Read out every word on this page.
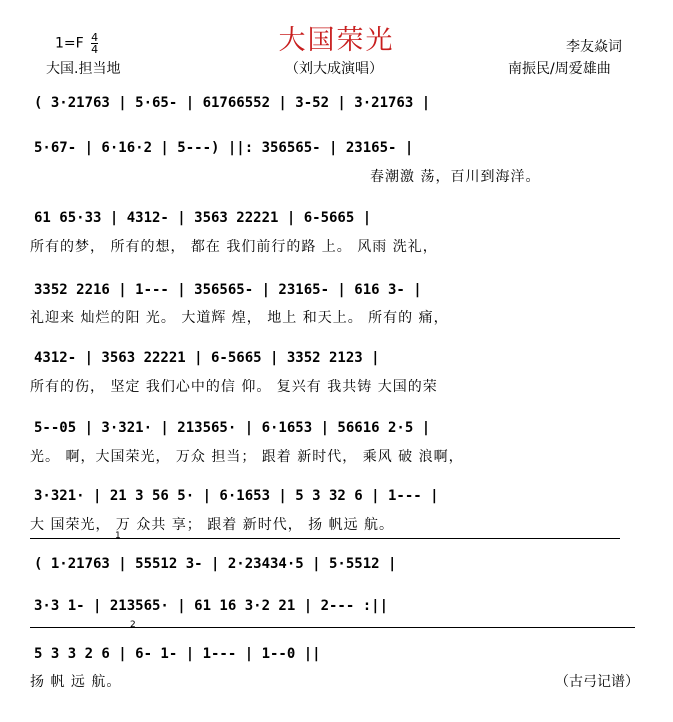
大国荣光
$1=F \frac{4}{4}$
大国.担当地	（刘大成演唱）
李友焱词
南振民/周爱雄曲
( 3·21763 | 5·65- | 61766552 | 3-52 | 3·21763 |
5·67- | 6·16·2 | 5---) ||: 356565- | 23165- |
春潮激 荡，百川到海洋。
61 65·33 | 4312- | 3563 22221 | 6-5665 |
所有的梦， 所有的想， 都在 我们前行的路 上。 风雨 洗礼，
3352 2216 | 1--- | 356565- | 23165- | 616 3- |
礼迎来 灿烂的阳 光。 大道辉 煌， 地上 和天上。 所有的 痛，
4312- | 3563 22221 | 6-5665 | 3352 2123 |
所有的伤， 坚定 我们心中的信 仰。 复兴有 我共铸 大国的荣
5--05 | 3·321· | 213565· | 6·1653 | 56616 2·5 |
光。 啊，大国荣光， 万众 担当； 跟着 新时代， 乘风 破 浪啊，
3·321· | 21 3 56 5· | 6·1653 | 5 3 32 6 | 1--- |
大 国荣光， 万 众共 享； 跟着 新时代， 扬 帆远 航。
1
( 1·21763 | 55512 3- | 2·23434·5 | 5·5512 |
3·3 1- | 213565· | 61 16 3·2 21 | 2--- :||
2
5 3 3 2 6 | 6- 1- | 1--- | 1--0 ||
扬 帆 远 航。	（古弓记谱）
